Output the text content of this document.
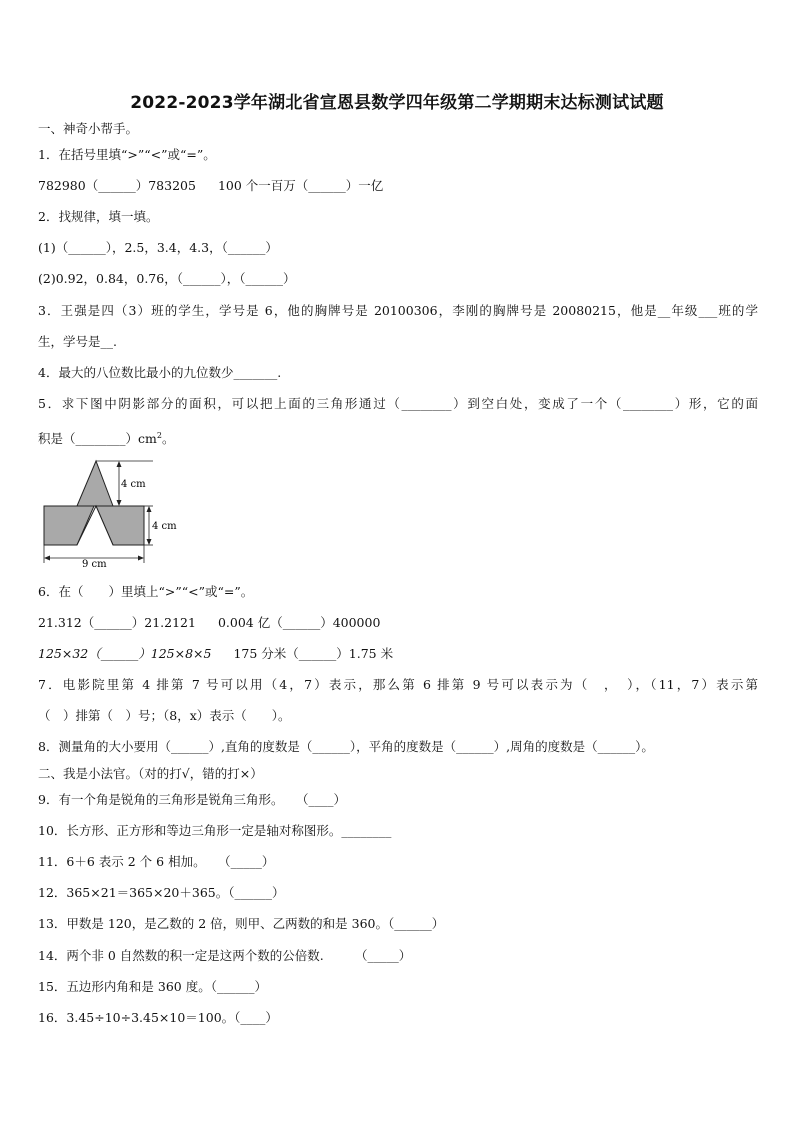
2022-2023学年湖北省宣恩县数学四年级第二学期期末达标测试试题
一、神奇小帮手。
1．在括号里填“>”“<”或“=”。
782980（______）783205 100 个一百万（______）一亿
2．找规律，填一填。
(1)（______），2.5，3.4，4.3，（______）
(2)0.92，0.84，0.76，（______），（______）
3．王强是四（3）班的学生，学号是 6，他的胸牌号是 20100306，李刚的胸牌号是 20080215，他是__年级___班的学
生，学号是__.
4．最大的八位数比最小的九位数少_______.
5．求下图中阴影部分的面积，可以把上面的三角形通过（________）到空白处，变成了一个（________）形，它的面
积是$(\_\_\_\_\_\_\_\_)cm^2$。
4 cm
4 cm
9 cm
6．在（　　）里填上“>”“<”或“=”。
21.312（______）21.2121 0.004 亿（______）400000
125×32（______）125×8×5 175 分米（______）1.75 米
7．电影院里第 4 排第 7 号可以用（4，7）表示，那么第 6 排第 9 号可以表示为（　，　），（11，7）表示第
（　）排第（　）号；（8，x）表示（　　）。
8．测量角的大小要用（______）,直角的度数是（______），平角的度数是（______）,周角的度数是（______）。
二、我是小法官。（对的打√，错的打×）
9．有一个角是锐角的三角形是锐角三角形。　　（____）
10．长方形、正方形和等边三角形一定是轴对称图形。________
11．6＋6 表示 2 个 6 相加。　　（_____）
12．365×21＝365×20＋365。（______）
13．甲数是 120，是乙数的 2 倍，则甲、乙两数的和是 360。（______）
14．两个非 0 自然数的积一定是这两个数的公倍数.　　　（_____）
15．五边形内角和是 360 度。（______）
16．3.45÷10÷3.45×10＝100。（____）
